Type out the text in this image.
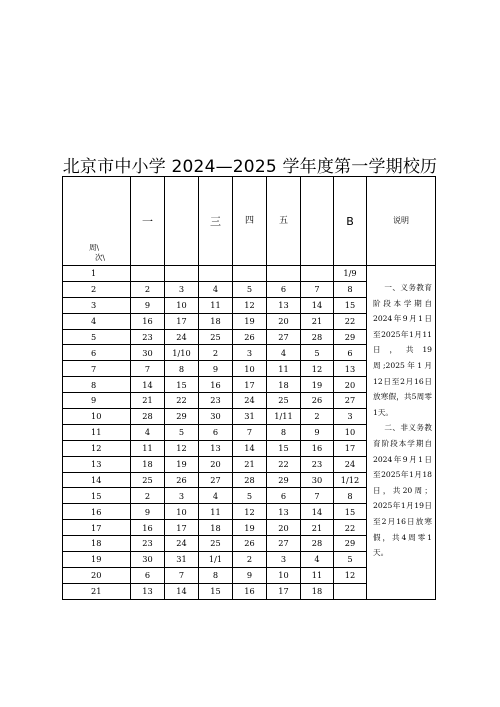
北京市中小学 2024—2025 学年度第一学期校历
周\
次\	一		三	四	五		B	说明
1							1/9	一、义务教育阶段本学期自2024年9月1日至2025年1月11日，共19周;2025年1月12日至2月16日放寒假，共5周零1天。

二、非义务教育阶段本学期自2024年9月1日至2025年1月18日，共20周；2025年1月19日至2月16日放寒假，共4周零1天。

2	2	3	4	5	6	7	8	
3	9	10	11	12	13	14	15	
4	16	17	18	19	20	21	22	
5	23	24	25	26	27	28	29	
6	30	1/10	2	3	4	5	6	
7	7	8	9	10	11	12	13	
8	14	15	16	17	18	19	20	
9	21	22	23	24	25	26	27	
10	28	29	30	31	1/11	2	3	
11	4	5	6	7	8	9	10	
12	11	12	13	14	15	16	17	
13	18	19	20	21	22	23	24	
14	25	26	27	28	29	30	1/12	
15	2	3	4	5	6	7	8	
16	9	10	11	12	13	14	15	
17	16	17	18	19	20	21	22	
18	23	24	25	26	27	28	29	
19	30	31	1/1	2	3	4	5	
20	6	7	8	9	10	11	12	
21	13	14	15	16	17	18		
